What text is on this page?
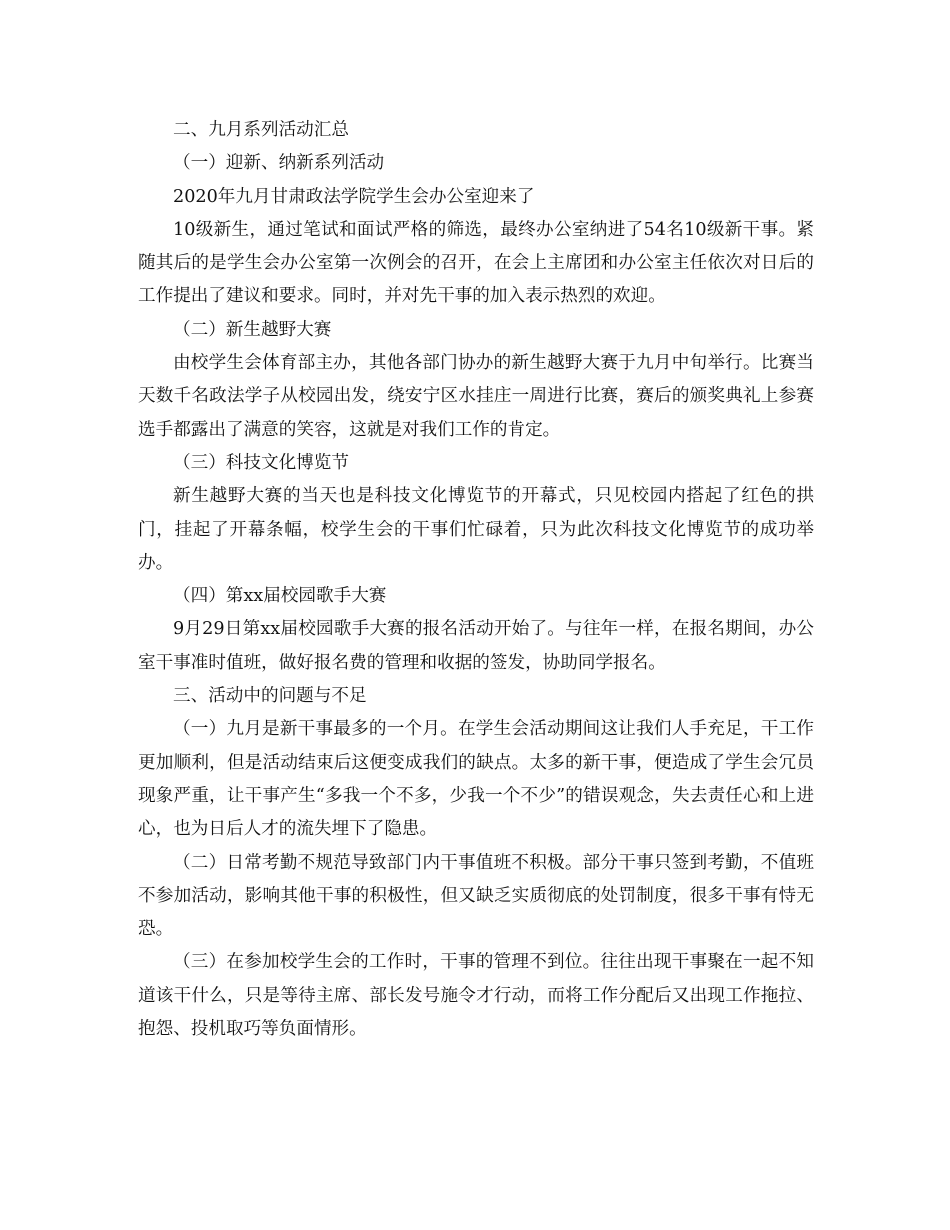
二、九月系列活动汇总

（一）迎新、纳新系列活动

2020年九月甘肃政法学院学生会办公室迎来了

10级新生，通过笔试和面试严格的筛选，最终办公室纳进了54名10级新干事。紧随其后的是学生会办公室第一次例会的召开，在会上主席团和办公室主任依次对日后的工作提出了建议和要求。同时，并对先干事的加入表示热烈的欢迎。

（二）新生越野大赛

由校学生会体育部主办，其他各部门协办的新生越野大赛于九月中旬举行。比赛当天数千名政法学子从校园出发，绕安宁区水挂庄一周进行比赛，赛后的颁奖典礼上参赛选手都露出了满意的笑容，这就是对我们工作的肯定。

（三）科技文化博览节

新生越野大赛的当天也是科技文化博览节的开幕式，只见校园内搭起了红色的拱门，挂起了开幕条幅，校学生会的干事们忙碌着，只为此次科技文化博览节的成功举办。

（四）第xx届校园歌手大赛

9月29日第xx届校园歌手大赛的报名活动开始了。与往年一样，在报名期间，办公室干事准时值班，做好报名费的管理和收据的签发，协助同学报名。

三、活动中的问题与不足

（一）九月是新干事最多的一个月。在学生会活动期间这让我们人手充足，干工作更加顺利，但是活动结束后这便变成我们的缺点。太多的新干事，便造成了学生会冗员现象严重，让干事产生“多我一个不多，少我一个不少”的错误观念，失去责任心和上进心，也为日后人才的流失埋下了隐患。

（二）日常考勤不规范导致部门内干事值班不积极。部分干事只签到考勤，不值班不参加活动，影响其他干事的积极性，但又缺乏实质彻底的处罚制度，很多干事有恃无恐。

（三）在参加校学生会的工作时，干事的管理不到位。往往出现干事聚在一起不知道该干什么，只是等待主席、部长发号施令才行动，而将工作分配后又出现工作拖拉、抱怨、投机取巧等负面情形。
